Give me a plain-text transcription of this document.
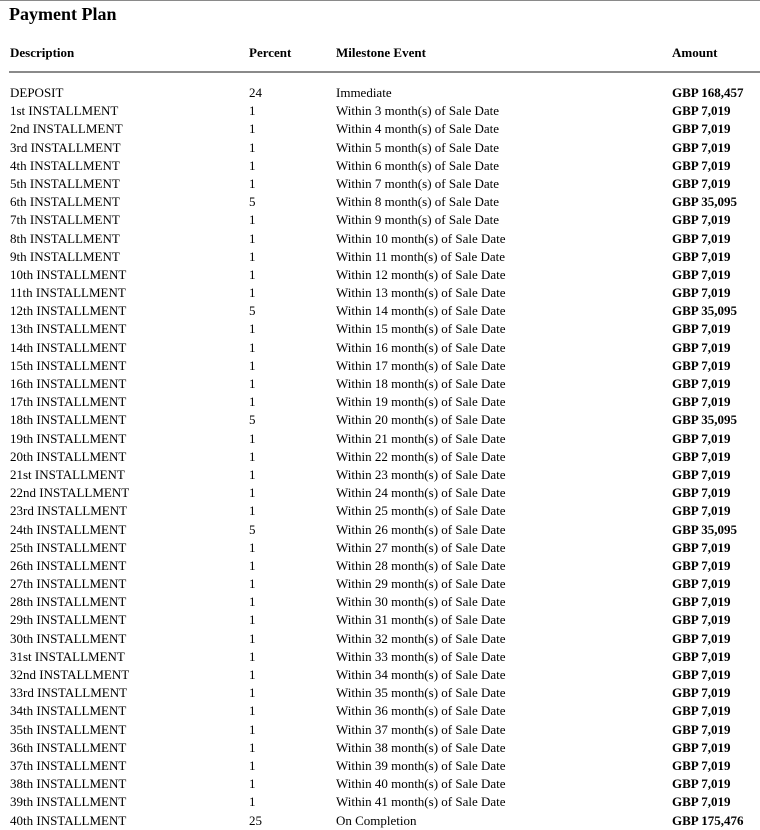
Payment Plan
Description	Percent	Milestone Event	Amount
DEPOSIT	24	Immediate	GBP 168,457
1st INSTALLMENT	1	Within 3 month(s) of Sale Date	GBP 7,019
2nd INSTALLMENT	1	Within 4 month(s) of Sale Date	GBP 7,019
3rd INSTALLMENT	1	Within 5 month(s) of Sale Date	GBP 7,019
4th INSTALLMENT	1	Within 6 month(s) of Sale Date	GBP 7,019
5th INSTALLMENT	1	Within 7 month(s) of Sale Date	GBP 7,019
6th INSTALLMENT	5	Within 8 month(s) of Sale Date	GBP 35,095
7th INSTALLMENT	1	Within 9 month(s) of Sale Date	GBP 7,019
8th INSTALLMENT	1	Within 10 month(s) of Sale Date	GBP 7,019
9th INSTALLMENT	1	Within 11 month(s) of Sale Date	GBP 7,019
10th INSTALLMENT	1	Within 12 month(s) of Sale Date	GBP 7,019
11th INSTALLMENT	1	Within 13 month(s) of Sale Date	GBP 7,019
12th INSTALLMENT	5	Within 14 month(s) of Sale Date	GBP 35,095
13th INSTALLMENT	1	Within 15 month(s) of Sale Date	GBP 7,019
14th INSTALLMENT	1	Within 16 month(s) of Sale Date	GBP 7,019
15th INSTALLMENT	1	Within 17 month(s) of Sale Date	GBP 7,019
16th INSTALLMENT	1	Within 18 month(s) of Sale Date	GBP 7,019
17th INSTALLMENT	1	Within 19 month(s) of Sale Date	GBP 7,019
18th INSTALLMENT	5	Within 20 month(s) of Sale Date	GBP 35,095
19th INSTALLMENT	1	Within 21 month(s) of Sale Date	GBP 7,019
20th INSTALLMENT	1	Within 22 month(s) of Sale Date	GBP 7,019
21st INSTALLMENT	1	Within 23 month(s) of Sale Date	GBP 7,019
22nd INSTALLMENT	1	Within 24 month(s) of Sale Date	GBP 7,019
23rd INSTALLMENT	1	Within 25 month(s) of Sale Date	GBP 7,019
24th INSTALLMENT	5	Within 26 month(s) of Sale Date	GBP 35,095
25th INSTALLMENT	1	Within 27 month(s) of Sale Date	GBP 7,019
26th INSTALLMENT	1	Within 28 month(s) of Sale Date	GBP 7,019
27th INSTALLMENT	1	Within 29 month(s) of Sale Date	GBP 7,019
28th INSTALLMENT	1	Within 30 month(s) of Sale Date	GBP 7,019
29th INSTALLMENT	1	Within 31 month(s) of Sale Date	GBP 7,019
30th INSTALLMENT	1	Within 32 month(s) of Sale Date	GBP 7,019
31st INSTALLMENT	1	Within 33 month(s) of Sale Date	GBP 7,019
32nd INSTALLMENT	1	Within 34 month(s) of Sale Date	GBP 7,019
33rd INSTALLMENT	1	Within 35 month(s) of Sale Date	GBP 7,019
34th INSTALLMENT	1	Within 36 month(s) of Sale Date	GBP 7,019
35th INSTALLMENT	1	Within 37 month(s) of Sale Date	GBP 7,019
36th INSTALLMENT	1	Within 38 month(s) of Sale Date	GBP 7,019
37th INSTALLMENT	1	Within 39 month(s) of Sale Date	GBP 7,019
38th INSTALLMENT	1	Within 40 month(s) of Sale Date	GBP 7,019
39th INSTALLMENT	1	Within 41 month(s) of Sale Date	GBP 7,019
40th INSTALLMENT	25	On Completion	GBP 175,476
